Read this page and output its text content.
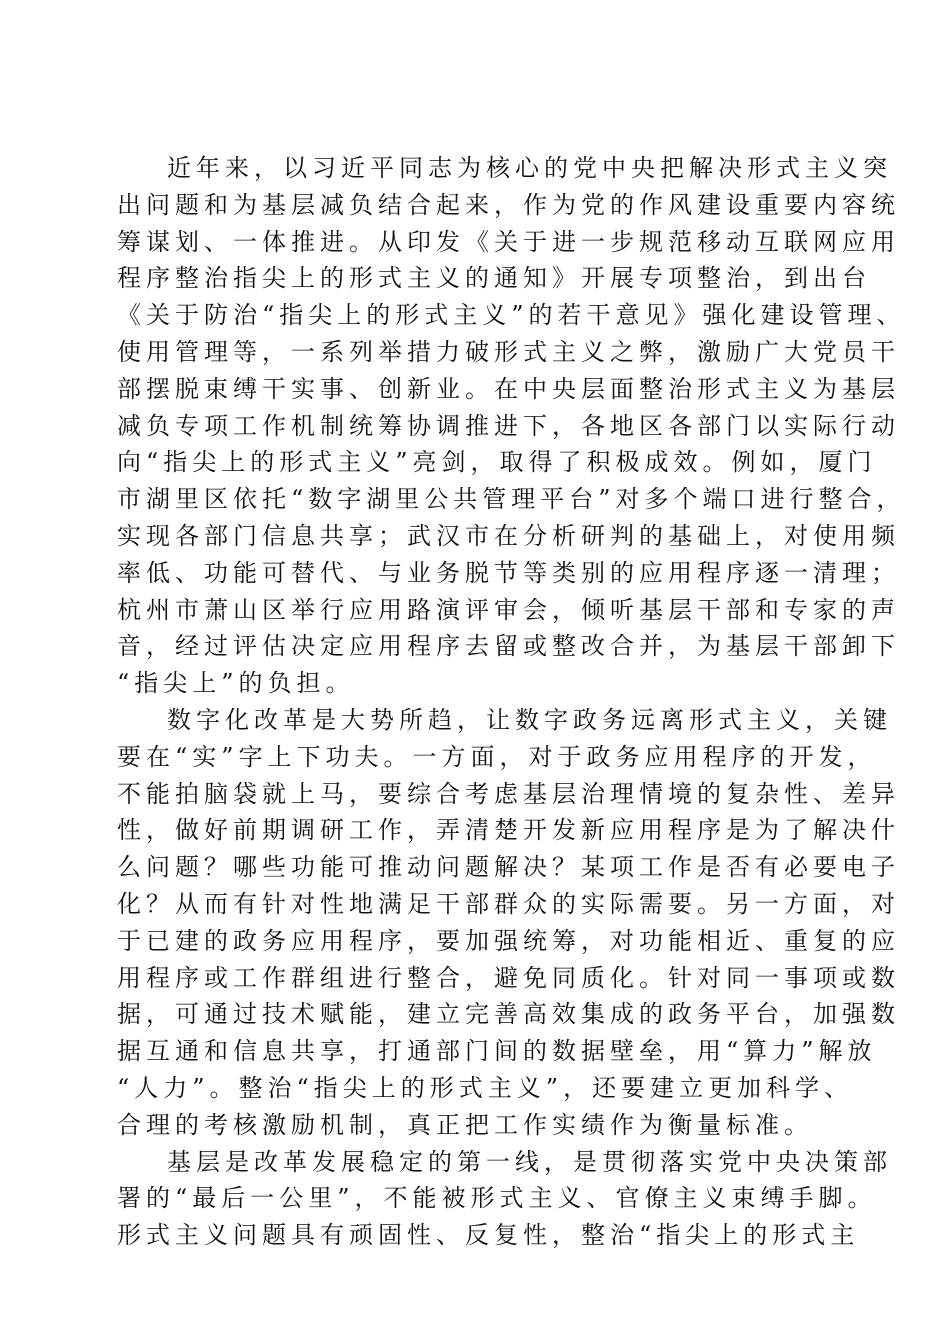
近年来，以习近平同志为核心的党中央把解决形式主义突
出问题和为基层减负结合起来，作为党的作风建设重要内容统
筹谋划、一体推进。从印发《关于进一步规范移动互联网应用
程序整治指尖上的形式主义的通知》开展专项整治，到出台
《关于防治“指尖上的形式主义”的若干意见》强化建设管理、
使用管理等，一系列举措力破形式主义之弊，激励广大党员干
部摆脱束缚干实事、创新业。在中央层面整治形式主义为基层
减负专项工作机制统筹协调推进下，各地区各部门以实际行动
向“指尖上的形式主义”亮剑，取得了积极成效。例如，厦门
市湖里区依托“数字湖里公共管理平台”对多个端口进行整合，
实现各部门信息共享；武汉市在分析研判的基础上，对使用频
率低、功能可替代、与业务脱节等类别的应用程序逐一清理；
杭州市萧山区举行应用路演评审会，倾听基层干部和专家的声
音，经过评估决定应用程序去留或整改合并，为基层干部卸下
“指尖上”的负担。

数字化改革是大势所趋，让数字政务远离形式主义，关键
要在“实”字上下功夫。一方面，对于政务应用程序的开发，
不能拍脑袋就上马，要综合考虑基层治理情境的复杂性、差异
性，做好前期调研工作，弄清楚开发新应用程序是为了解决什
么问题？哪些功能可推动问题解决？某项工作是否有必要电子
化？从而有针对性地满足干部群众的实际需要。另一方面，对
于已建的政务应用程序，要加强统筹，对功能相近、重复的应
用程序或工作群组进行整合，避免同质化。针对同一事项或数
据，可通过技术赋能，建立完善高效集成的政务平台，加强数
据互通和信息共享，打通部门间的数据壁垒，用“算力”解放
“人力”。整治“指尖上的形式主义”，还要建立更加科学、
合理的考核激励机制，真正把工作实绩作为衡量标准。

基层是改革发展稳定的第一线，是贯彻落实党中央决策部
署的“最后一公里”，不能被形式主义、官僚主义束缚手脚。
形式主义问题具有顽固性、反复性，整治“指尖上的形式主
